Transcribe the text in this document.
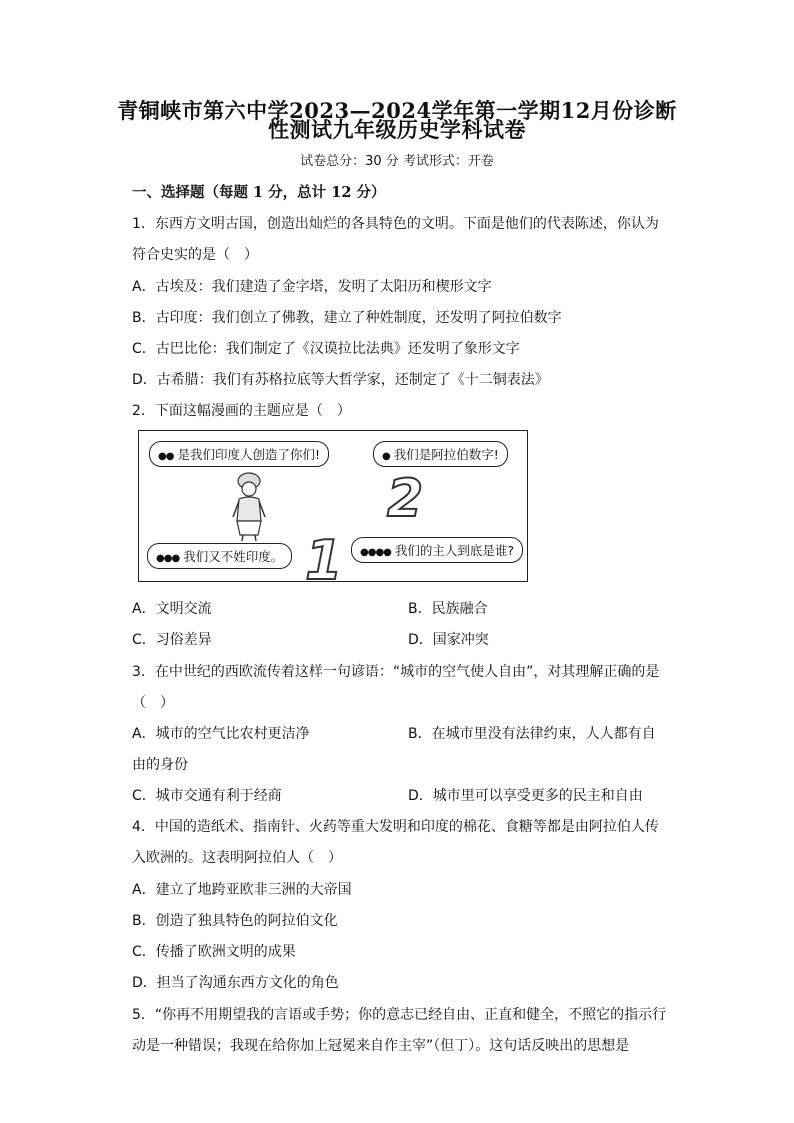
青铜峡市第六中学2023—2024学年第一学期12月份诊断
性测试九年级历史学科试卷
试卷总分：30 分 考试形式：开卷
一、选择题（每题 1 分，总计 12 分）
1．东西方文明古国，创造出灿烂的各具特色的文明。下面是他们的代表陈述，你认为
符合史实的是（　）
A．古埃及：我们建造了金字塔，发明了太阳历和楔形文字
B．古印度：我们创立了佛教，建立了种姓制度，还发明了阿拉伯数字
C．古巴比伦：我们制定了《汉谟拉比法典》还发明了象形文字
D．古希腊：我们有苏格拉底等大哲学家，还制定了《十二铜表法》
2．下面这幅漫画的主题应是（　）
●● 是我们印度人创造了你们!	● 我们是阿拉伯数字!
●●● 我们又不姓印度。	●●●● 我们的主人到底是谁?
2
1
A．文明交流	B．民族融合
C．习俗差异	D．国家冲突
3．在中世纪的西欧流传着这样一句谚语：“城市的空气使人自由”，对其理解正确的是
（　）
A．城市的空气比农村更洁净	B．在城市里没有法律约束，人人都有自
由的身份
C．城市交通有利于经商	D．城市里可以享受更多的民主和自由
4．中国的造纸术、指南针、火药等重大发明和印度的棉花、食糖等都是由阿拉伯人传
入欧洲的。这表明阿拉伯人（　）
A．建立了地跨亚欧非三洲的大帝国
B．创造了独具特色的阿拉伯文化
C．传播了欧洲文明的成果
D．担当了沟通东西方文化的角色
5．“你再不用期望我的言语或手势；你的意志已经自由、正直和健全，不照它的指示行
动是一种错误；我现在给你加上冠冕来自作主宰”（但丁）。这句话反映出的思想是
